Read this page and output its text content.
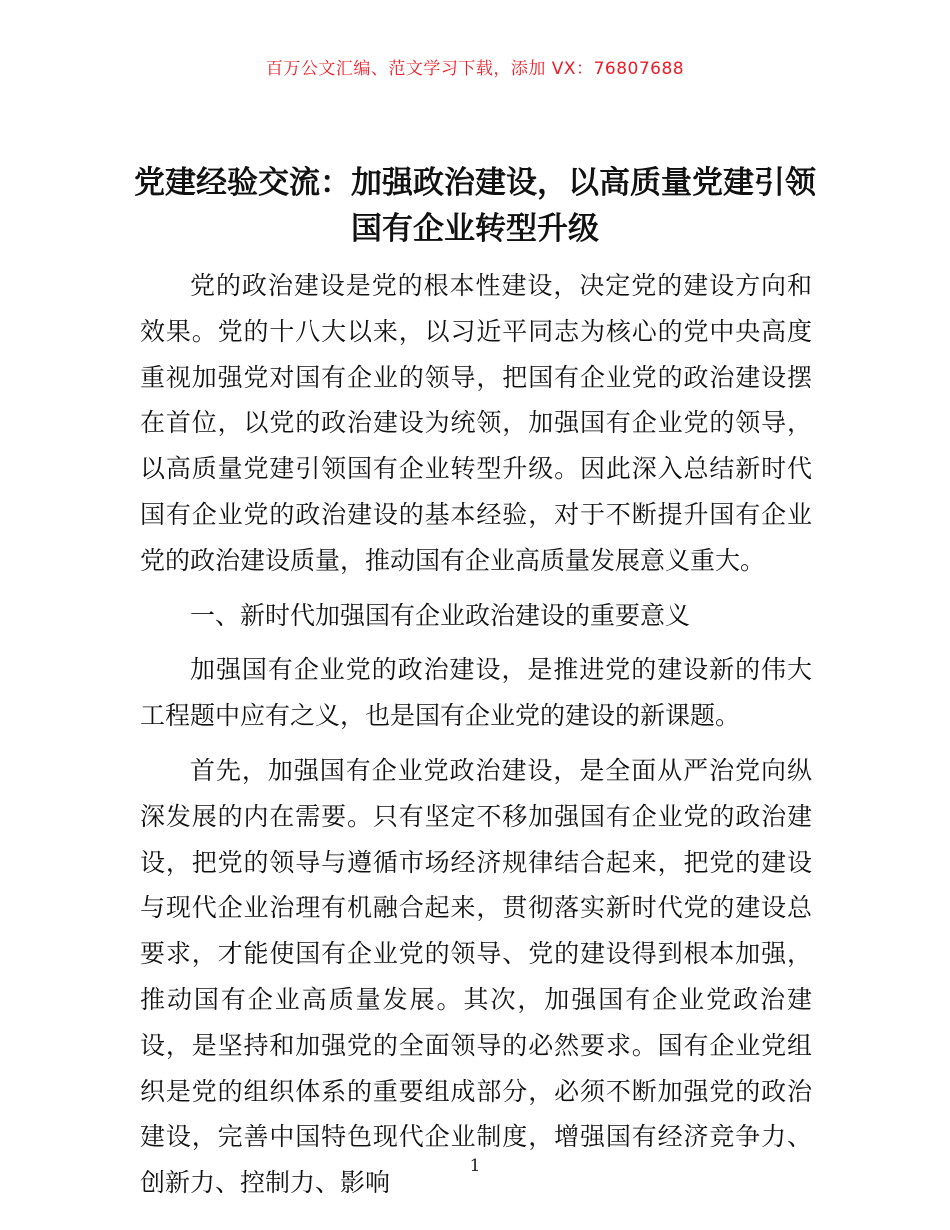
百万公文汇编、范文学习下载，添加 VX：76807688
党建经验交流：加强政治建设，以高质量党建引领国有企业转型升级

党的政治建设是党的根本性建设，决定党的建设方向和效果。党的十八大以来，以习近平同志为核心的党中央高度重视加强党对国有企业的领导，把国有企业党的政治建设摆在首位，以党的政治建设为统领，加强国有企业党的领导，以高质量党建引领国有企业转型升级。因此深入总结新时代国有企业党的政治建设的基本经验，对于不断提升国有企业党的政治建设质量，推动国有企业高质量发展意义重大。

一、新时代加强国有企业政治建设的重要意义

加强国有企业党的政治建设，是推进党的建设新的伟大工程题中应有之义，也是国有企业党的建设的新课题。

首先，加强国有企业党政治建设，是全面从严治党向纵深发展的内在需要。只有坚定不移加强国有企业党的政治建设，把党的领导与遵循市场经济规律结合起来，把党的建设与现代企业治理有机融合起来，贯彻落实新时代党的建设总要求，才能使国有企业党的领导、党的建设得到根本加强，推动国有企业高质量发展。其次，加强国有企业党政治建设，是坚持和加强党的全面领导的必然要求。国有企业党组织是党的组织体系的重要组成部分，必须不断加强党的政治建设，完善中国特色现代企业制度，增强国有经济竞争力、创新力、控制力、影响

1
